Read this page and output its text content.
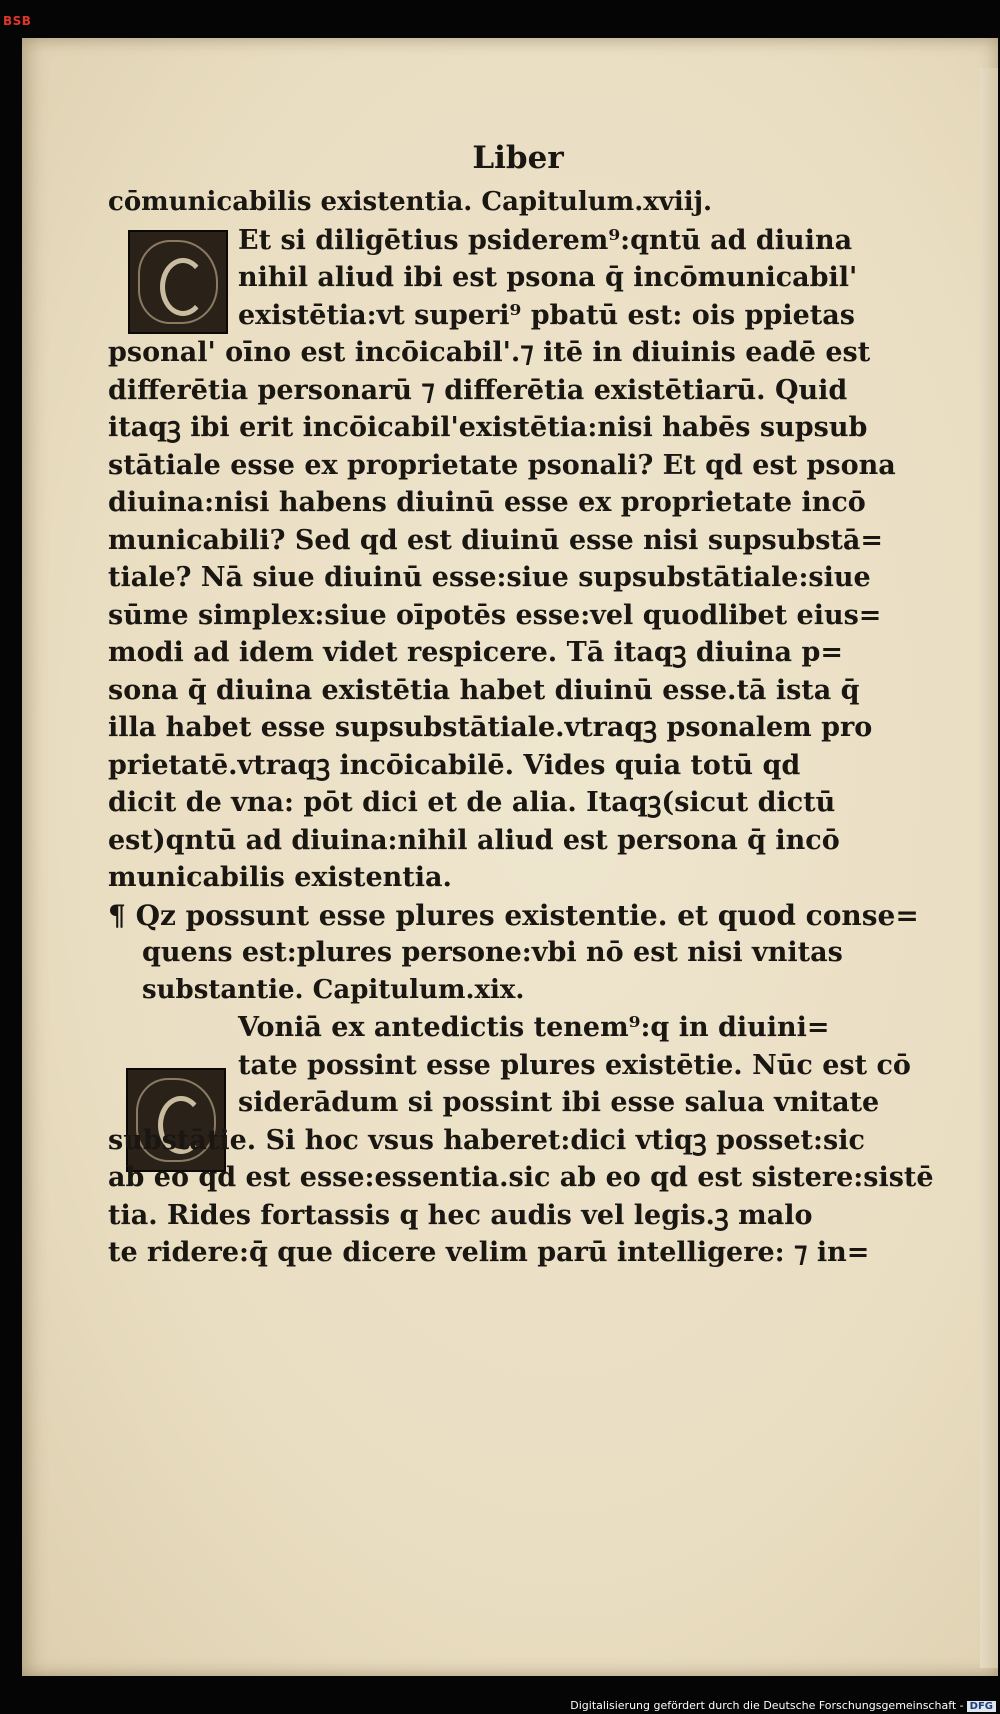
BSB
Liber
cōmunicabilis existentia. Capitulum.xviij.
Et si diligētius psiderem⁹:qntū ad diuina
nihil aliud ibi est psona q̄ incōmunicabil'
existētia:vt superi⁹ pbatū est: ois ppietas
psonal' oīno est incōicabil'.⁊ itē in diuinis eadē est
differētia personarū ⁊ differētia existētiarū. Quid
itaqꝫ ibi erit incōicabil'existētia:nisi habēs supsub
stātiale esse ex proprietate psonali? Et qd est psona
diuina:nisi habens diuinū esse ex proprietate incō
municabili? Sed qd est diuinū esse nisi supsubstā=
tiale? Nā siue diuinū esse:siue supsubstātiale:siue
sūme simplex:siue oīpotēs esse:vel quodlibet eius=
modi ad idem videt respicere. Tā itaqꝫ diuina p=
sona q̄ diuina existētia habet diuinū esse.tā ista q̄
illa habet esse supsubstātiale.vtraqꝫ psonalem pro
prietatē.vtraqꝫ incōicabilē. Vides quia totū qd
dicit de vna: pōt dici et de alia. Itaqꝫ(sicut dictū
est)qntū ad diuina:nihil aliud est persona q̄ incō
municabilis existentia.
¶ Qz possunt esse plures existentie. et quod conse=
quens est:plures persone:vbi nō est nisi vnitas
substantie. Capitulum.xix.
Voniā ex antedictis tenem⁹:q in diuini=
tate possint esse plures existētie. Nūc est cō
siderādum si possint ibi esse salua vnitate
substātie. Si hoc vsus haberet:dici vtiqꝫ posset:sic
ab eo qd est esse:essentia.sic ab eo qd est sistere:sistē
tia. Rides fortassis q hec audis vel legis.ꝫ malo
te ridere:q̄ que dicere velim parū intelligere: ⁊ in=
Digitalisierung gefördert durch die Deutsche Forschungsgemeinschaft - DFG
